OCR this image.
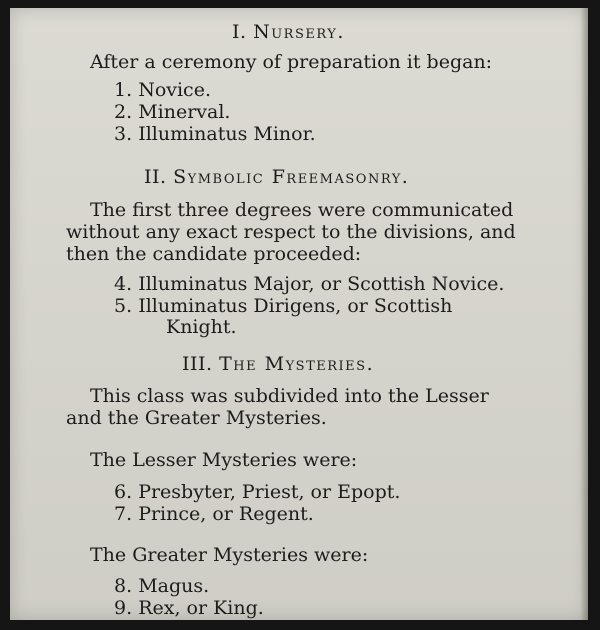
I. Nursery.
After a ceremony of preparation it began:
1. Novice.
2. Minerval.
3. Illuminatus Minor.
II. Symbolic Freemasonry.
The first three degrees were communicated
without any exact respect to the divisions, and
then the candidate proceeded:
4. Illuminatus Major, or Scottish Novice.
5. Illuminatus Dirigens, or Scottish
Knight.
III. The Mysteries.
This class was subdivided into the Lesser
and the Greater Mysteries.
The Lesser Mysteries were:
6. Presbyter, Priest, or Epopt.
7. Prince, or Regent.
The Greater Mysteries were:
8. Magus.
9. Rex, or King.
